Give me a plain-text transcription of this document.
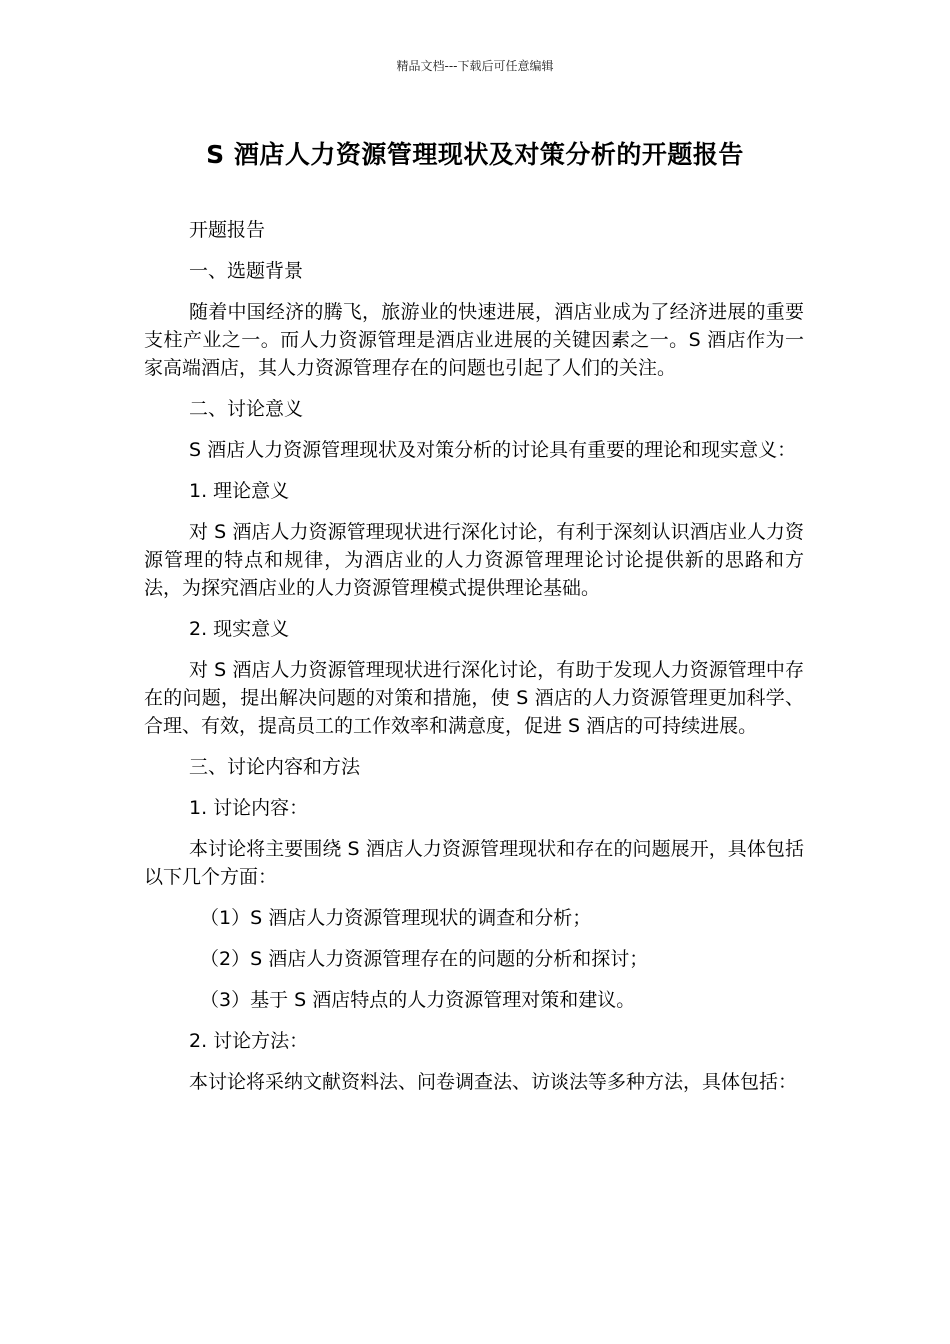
精品文档---下载后可任意编辑
S 酒店人力资源管理现状及对策分析的开题报告

开题报告

一、选题背景

随着中国经济的腾飞，旅游业的快速进展，酒店业成为了经济进展的重要支柱产业之一。而人力资源管理是酒店业进展的关键因素之一。S 酒店作为一家高端酒店，其人力资源管理存在的问题也引起了人们的关注。

二、讨论意义

S 酒店人力资源管理现状及对策分析的讨论具有重要的理论和现实意义：

1. 理论意义

对 S 酒店人力资源管理现状进行深化讨论，有利于深刻认识酒店业人力资源管理的特点和规律，为酒店业的人力资源管理理论讨论提供新的思路和方法，为探究酒店业的人力资源管理模式提供理论基础。

2. 现实意义

对 S 酒店人力资源管理现状进行深化讨论，有助于发现人力资源管理中存在的问题，提出解决问题的对策和措施，使 S 酒店的人力资源管理更加科学、合理、有效，提高员工的工作效率和满意度，促进 S 酒店的可持续进展。

三、讨论内容和方法

1. 讨论内容：

本讨论将主要围绕 S 酒店人力资源管理现状和存在的问题展开，具体包括以下几个方面：

（1）S 酒店人力资源管理现状的调查和分析；

（2）S 酒店人力资源管理存在的问题的分析和探讨；

（3）基于 S 酒店特点的人力资源管理对策和建议。

2. 讨论方法：

本讨论将采纳文献资料法、问卷调查法、访谈法等多种方法，具体包括：
